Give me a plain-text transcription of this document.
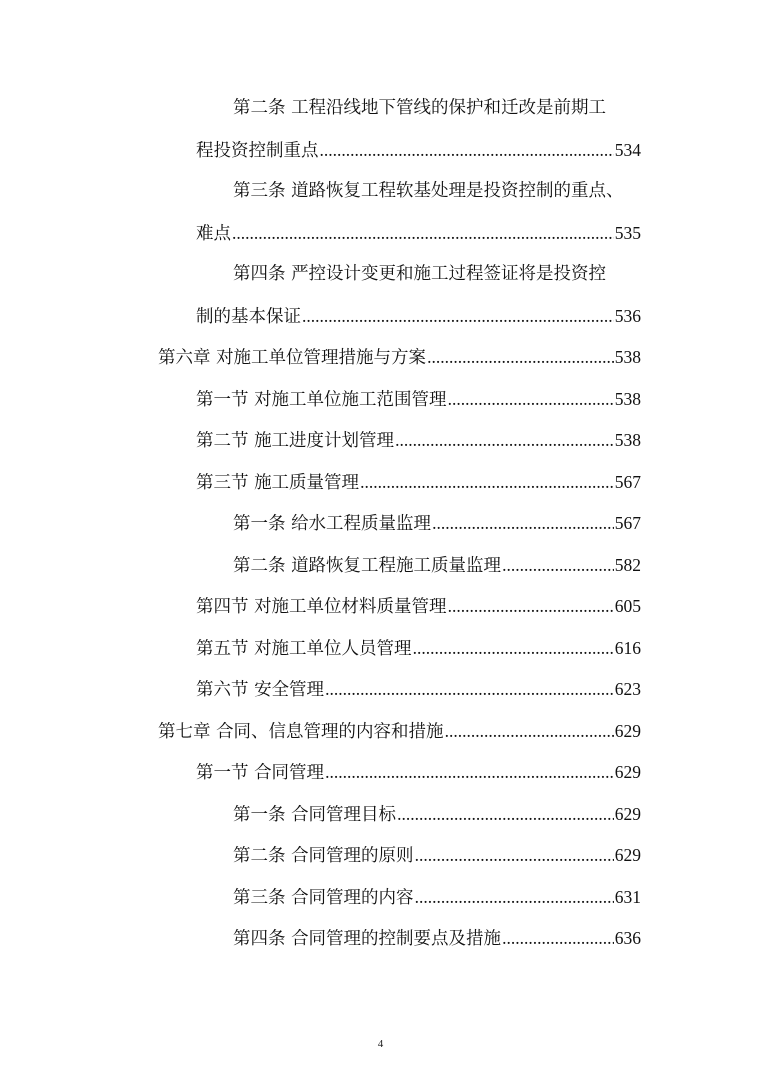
第二条 工程沿线地下管线的保护和迁改是前期工
程投资控制重点 .....	534
第三条 道路恢复工程软基处理是投资控制的重点、
难点 .....	535
第四条 严控设计变更和施工过程签证将是投资控
制的基本保证 .....	536
第六章 对施工单位管理措施与方案 .....	538
第一节 对施工单位施工范围管理 .....	538
第二节 施工进度计划管理 .....	538
第三节 施工质量管理 .....	567
第一条 给水工程质量监理 .....	567
第二条 道路恢复工程施工质量监理 .....	582
第四节 对施工单位材料质量管理 .....	605
第五节 对施工单位人员管理 .....	616
第六节 安全管理 .....	623
第七章 合同、信息管理的内容和措施 .....	629
第一节 合同管理 .....	629
第一条 合同管理目标 .....	629
第二条 合同管理的原则 .....	629
第三条 合同管理的内容 .....	631
第四条 合同管理的控制要点及措施 .....	636
4
